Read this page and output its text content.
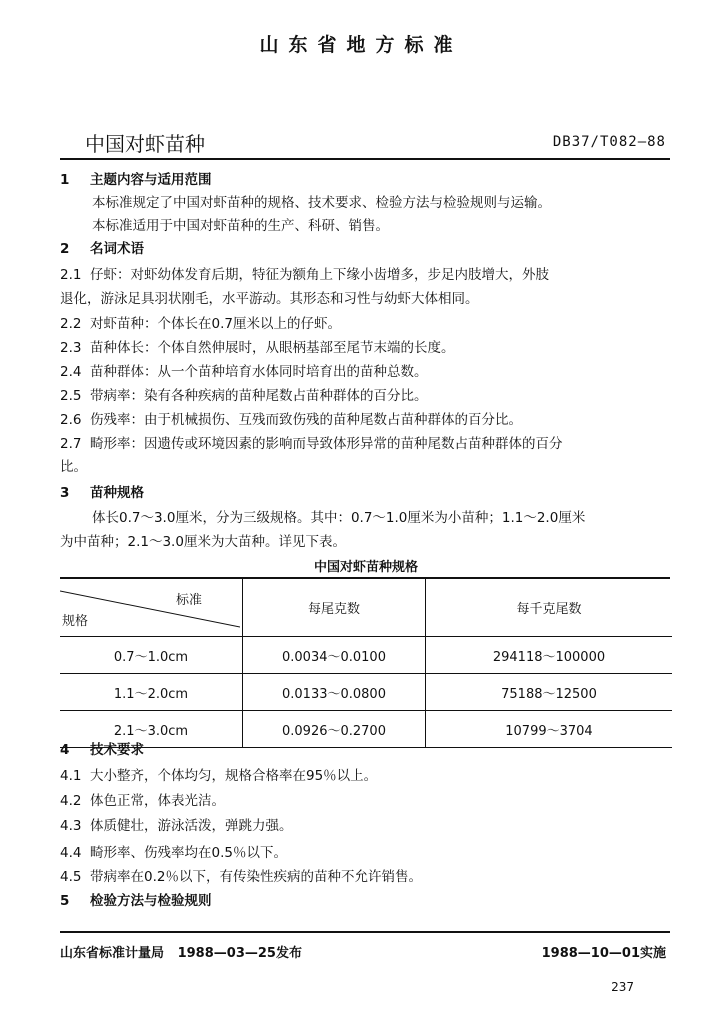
山东省地方标准
中国对虾苗种	DB37/T082—88
1 主题内容与适用范围
本标准规定了中国对虾苗种的规格、技术要求、检验方法与检验规则与运输。
本标准适用于中国对虾苗种的生产、科研、销售。
2 名词术语
2.1 仔虾：对虾幼体发育后期，特征为额角上下缘小齿增多，步足内肢增大，外肢
退化，游泳足具羽状刚毛，水平游动。其形态和习性与幼虾大体相同。
2.2 对虾苗种：个体长在0.7厘米以上的仔虾。
2.3 苗种体长：个体自然伸展时，从眼柄基部至尾节末端的长度。
2.4 苗种群体：从一个苗种培育水体同时培育出的苗种总数。
2.5 带病率：染有各种疾病的苗种尾数占苗种群体的百分比。
2.6 伤残率：由于机械损伤、互残而致伤残的苗种尾数占苗种群体的百分比。
2.7 畸形率：因遗传或环境因素的影响而导致体形异常的苗种尾数占苗种群体的百分
比。
3 苗种规格
体长0.7～3.0厘米，分为三级规格。其中：0.7～1.0厘米为小苗种；1.1～2.0厘米
为中苗种；2.1～3.0厘米为大苗种。详见下表。
中国对虾苗种规格
标准
规格	每尾克数	每千克尾数
0.7～1.0cm	0.0034～0.0100	294118～100000
1.1～2.0cm	0.0133～0.0800	75188～12500
2.1～3.0cm	0.0926～0.2700	10799～3704
4 技术要求
4.1 大小整齐，个体均匀，规格合格率在95％以上。
4.2 体色正常，体表光洁。
4.3 体质健壮，游泳活泼，弹跳力强。
4.4 畸形率、伤残率均在0.5％以下。
4.5 带病率在0.2％以下，有传染性疾病的苗种不允许销售。
5 检验方法与检验规则
山东省标准计量局 1988—03—25发布	1988—10—01实施
237
